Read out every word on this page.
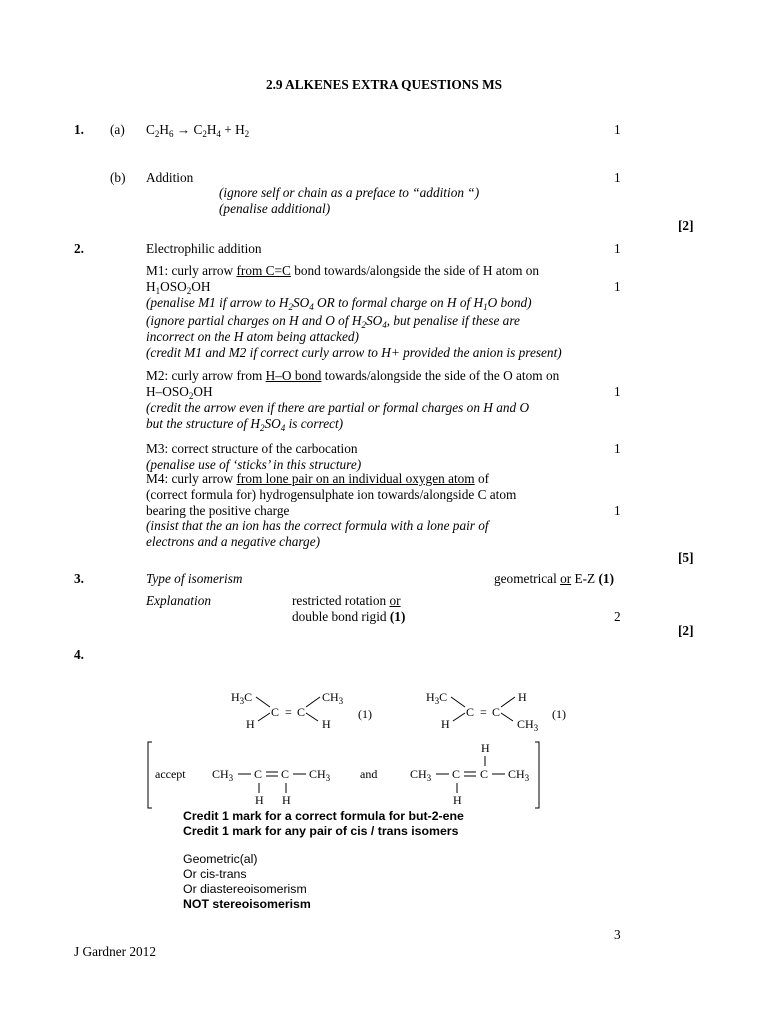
2.9 ALKENES EXTRA QUESTIONS MS
1. (a) $C_2H_6 \to C_2H_4 + H_2$	1
(b) Addition	1
(ignore self or chain as a preface to “addition “)
(penalise additional)
[2]
2.	Electrophilic addition	1
M1: curly arrow from C=C bond towards/alongside the side of H atom on
$H_1OSO_2OH$	1
(penalise M1 if arrow to $H_2SO_4$ OR to formal charge on H of $H_1O$ bond)
(ignore partial charges on H and O of $H_2SO_4$, but penalise if these are
incorrect on the H atom being attacked)
(credit M1 and M2 if correct curly arrow to H+ provided the anion is present)
M2: curly arrow from H–O bond towards/alongside the side of the O atom on
$H-OSO_2OH$	1
(credit the arrow even if there are partial or formal charges on H and O
but the structure of $H_2SO_4$ is correct)
M3: correct structure of the carbocation	1
(penalise use of ‘sticks’ in this structure)
M4: curly arrow from lone pair on an individual oxygen atom of
(correct formula for) hydrogensulphate ion towards/alongside C atom
bearing the positive charge	1
(insist that the an ion has the correct formula with a lone pair of
electrons and a negative charge)
[5]
3.	Type of isomerism	geometrical or E-Z (1)
Explanation	restricted rotation or
double bond rigid (1)	2
[2]
4.
$H_3C$	$CH_3$
C = C
H	H
(1)
$H_3C$	H
C = C
H	$CH_3$
(1)
accept $CH_3$ C C $CH_3$
H H
and	$CH_3$ C C $CH_3$
H
H
Credit 1 mark for a correct formula for but-2-ene
Credit 1 mark for any pair of cis / trans isomers
Geometric(al)
Or cis-trans
Or diastereoisomerism
NOT stereoisomerism
3
J Gardner 2012
